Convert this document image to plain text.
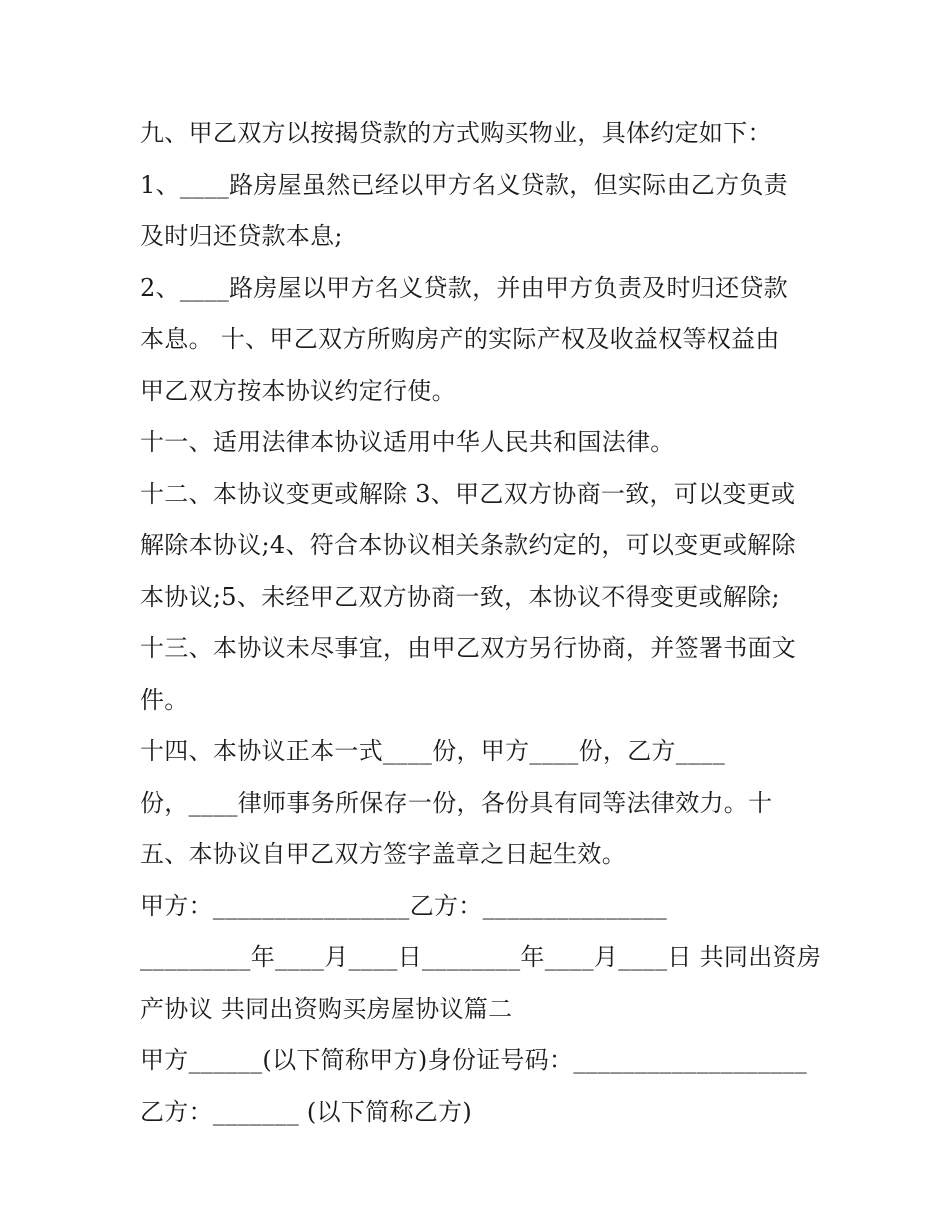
九、甲乙双方以按揭贷款的方式购买物业，具体约定如下：
1、____路房屋虽然已经以甲方名义贷款，但实际由乙方负责
及时归还贷款本息;
2、____路房屋以甲方名义贷款，并由甲方负责及时归还贷款
本息。 十、甲乙双方所购房产的实际产权及收益权等权益由
甲乙双方按本协议约定行使。
十一、适用法律本协议适用中华人民共和国法律。
十二、本协议变更或解除 3、甲乙双方协商一致，可以变更或
解除本协议;4、符合本协议相关条款约定的，可以变更或解除
本协议;5、未经甲乙双方协商一致，本协议不得变更或解除;
十三、本协议未尽事宜，由甲乙双方另行协商，并签署书面文
件。
十四、本协议正本一式____份，甲方____份，乙方____
份，____律师事务所保存一份，各份具有同等法律效力。十
五、本协议自甲乙双方签字盖章之日起生效。
甲方：________________乙方：_______________
_________年____月____日________年____月____日 共同出资房
产协议 共同出资购买房屋协议篇二
甲方______(以下简称甲方)身份证号码：___________________
乙方：_______ (以下简称乙方)
